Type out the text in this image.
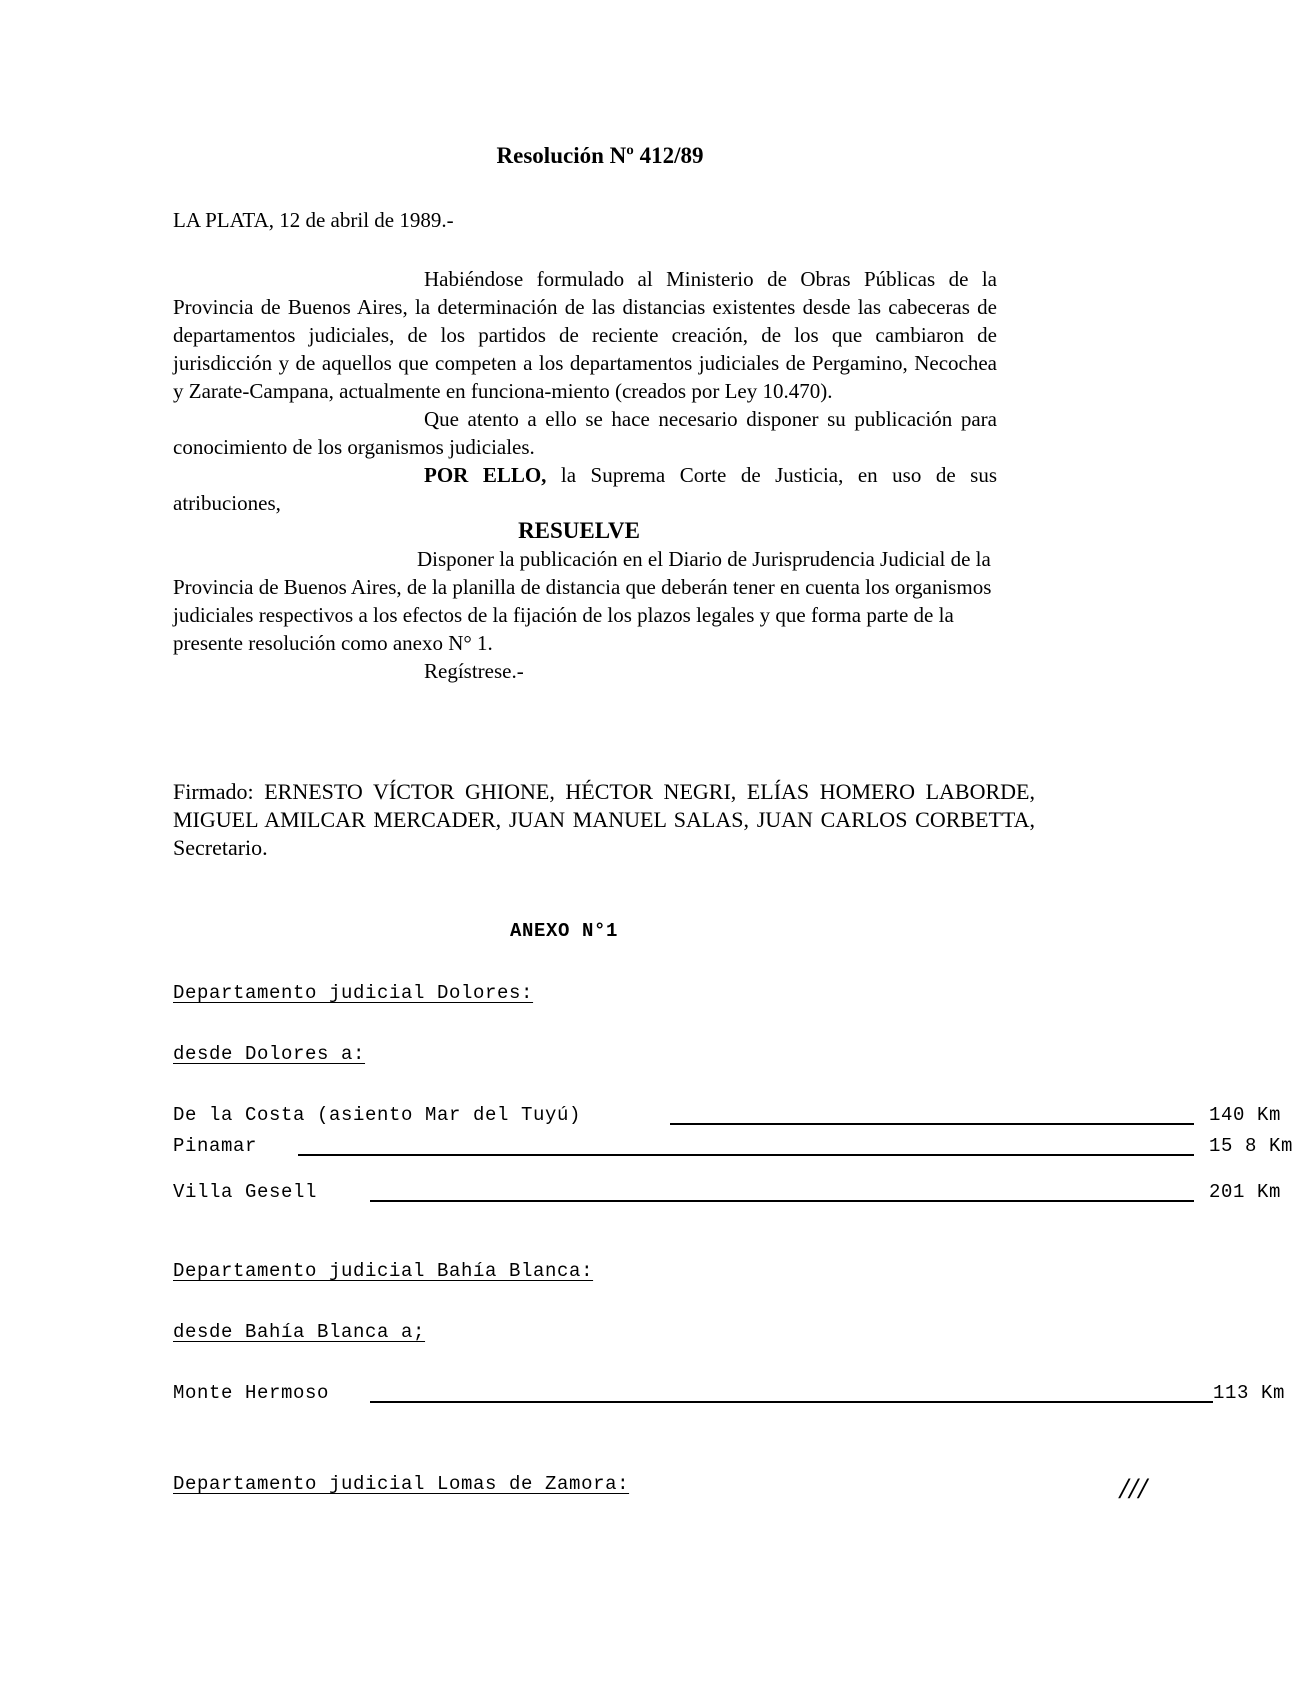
Resolución Nº 412/89
LA PLATA, 12 de abril de 1989.-

Habiéndose formulado al Ministerio de Obras Públicas de la Provincia de Buenos Aires, la determinación de las distancias existentes desde las cabeceras de departamentos judiciales, de los partidos de reciente creación, de los que cambiaron de jurisdicción y de aquellos que competen a los departamentos judiciales de Pergamino, Necochea y Zarate-Campana, actualmente en funciona-miento (creados por Ley 10.470).

Que atento a ello se hace necesario disponer su publicación para conocimiento de los organismos judiciales.

POR ELLO, la Suprema Corte de Justicia, en uso de sus atribuciones,

RESUELVE

Disponer la publicación en el Diario de Jurisprudencia Judicial de la Provincia de Buenos Aires, de la planilla de distancia que deberán tener en cuenta los organismos judiciales respectivos a los efectos de la fijación de los plazos legales y que forma parte de la presente resolución como anexo N° 1.

Regístrese.-

Firmado: ERNESTO VÍCTOR GHIONE, HÉCTOR NEGRI, ELÍAS HOMERO LABORDE, MIGUEL AMILCAR MERCADER, JUAN MANUEL SALAS, JUAN CARLOS CORBETTA, Secretario.
ANEXO N°1
Departamento judicial Dolores:
desde Dolores a:
De la Costa (asiento Mar del Tuyú)	140 Km
Pinamar	15 8 Km
Villa Gesell	201 Km
Departamento judicial Bahía Blanca:
desde Bahía Blanca a;
Monte Hermoso	113 Km
Departamento judicial Lomas de Zamora:	///
